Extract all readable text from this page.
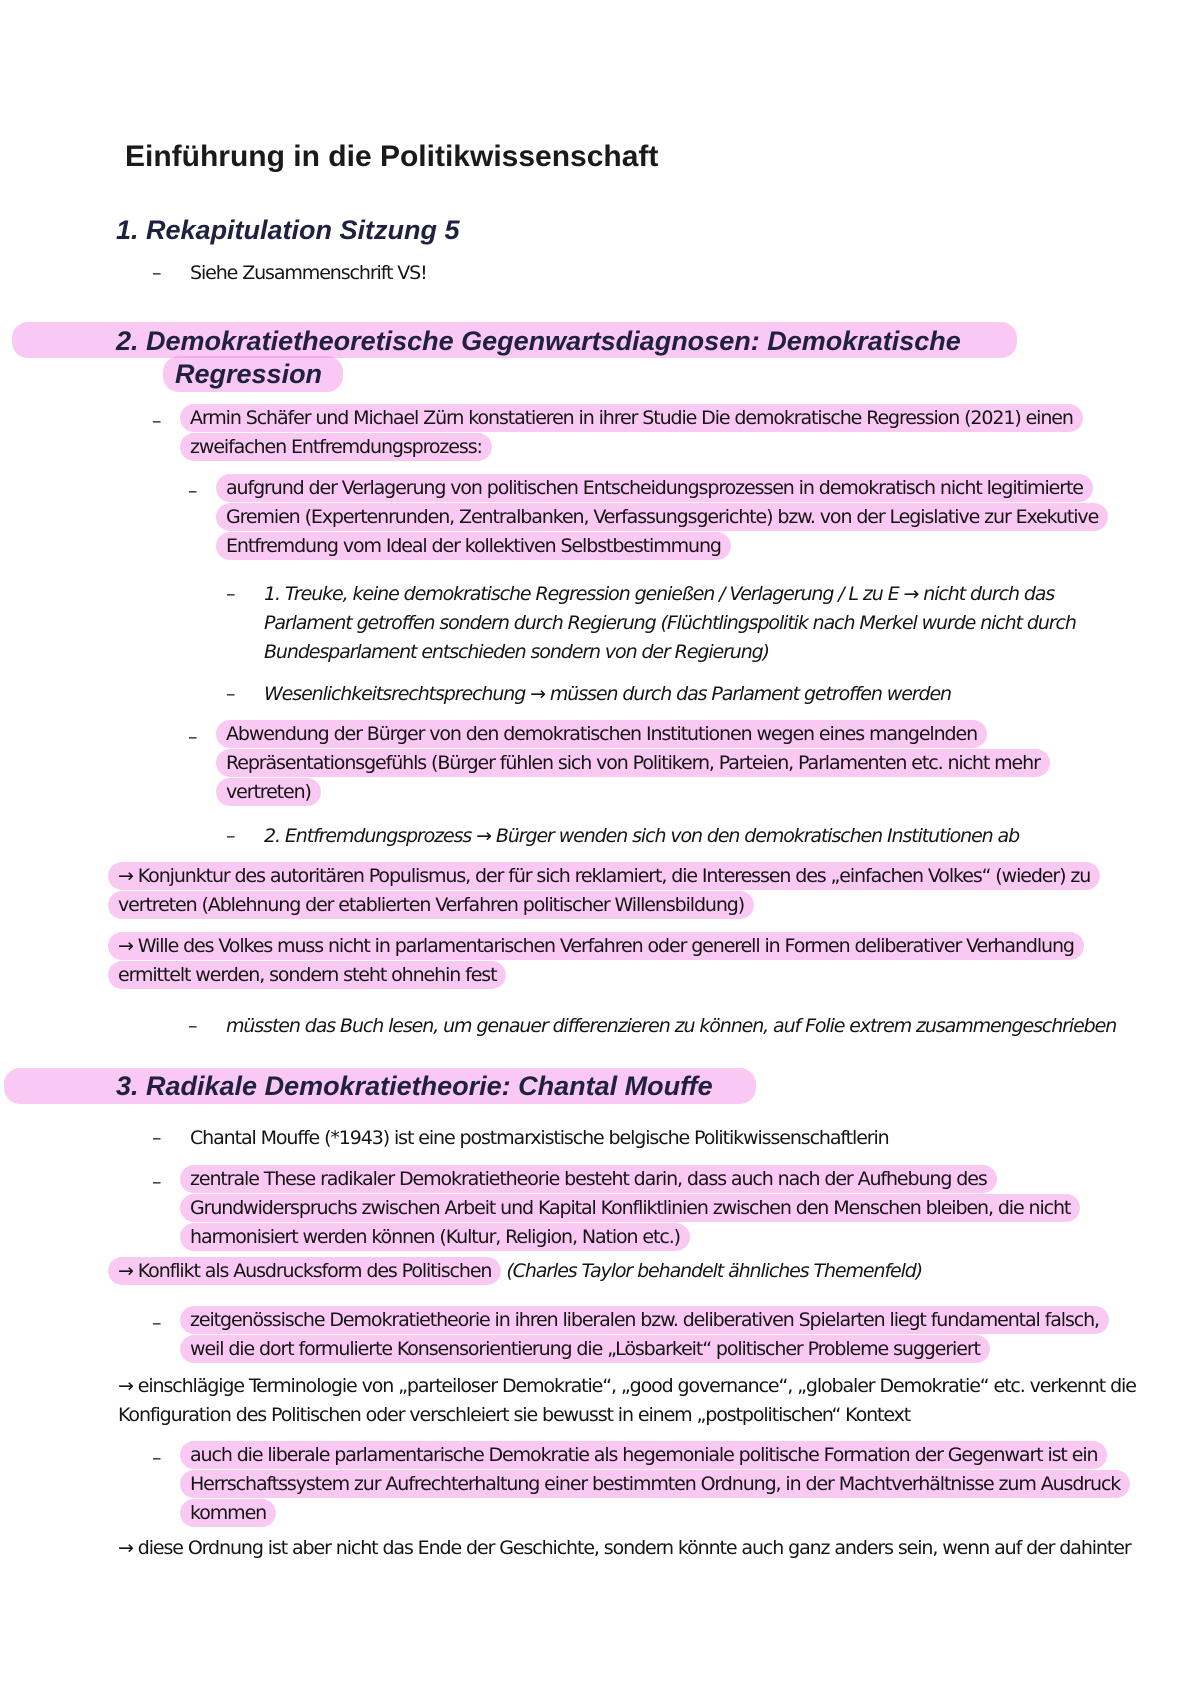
Einführung in die Politikwissenschaft
1. Rekapitulation Sitzung 5
– Siehe Zusammenschrift VS!
2. Demokratietheoretische Gegenwartsdiagnosen: Demokratische
Regression
–	Armin Schäfer und Michael Zürn konstatieren in ihrer Studie Die demokratische Regression (2021) einen
zweifachen Entfremdungsprozess:
–	aufgrund der Verlagerung von politischen Entscheidungsprozessen in demokratisch nicht legitimierte
Gremien (Expertenrunden, Zentralbanken, Verfassungsgerichte) bzw. von der Legislative zur Exekutive
Entfremdung vom Ideal der kollektiven Selbstbestimmung
– 1. Treuke, keine demokratische Regression genießen / Verlagerung / L zu E → nicht durch das
Parlament getroffen sondern durch Regierung (Flüchtlingspolitik nach Merkel wurde nicht durch
Bundesparlament entschieden sondern von der Regierung)
– Wesenlichkeitsrechtsprechung → müssen durch das Parlament getroffen werden
–	Abwendung der Bürger von den demokratischen Institutionen wegen eines mangelnden
Repräsentationsgefühls (Bürger fühlen sich von Politikern, Parteien, Parlamenten etc. nicht mehr
vertreten)
– 2. Entfremdungsprozess → Bürger wenden sich von den demokratischen Institutionen ab
→ Konjunktur des autoritären Populismus, der für sich reklamiert, die Interessen des „einfachen Volkes“ (wieder) zu
vertreten (Ablehnung der etablierten Verfahren politischer Willensbildung)
→ Wille des Volkes muss nicht in parlamentarischen Verfahren oder generell in Formen deliberativer Verhandlung
ermittelt werden, sondern steht ohnehin fest
– müssten das Buch lesen, um genauer differenzieren zu können, auf Folie extrem zusammengeschrieben
3. Radikale Demokratietheorie: Chantal Mouffe
– Chantal Mouffe (*1943) ist eine postmarxistische belgische Politikwissenschaftlerin
–	zentrale These radikaler Demokratietheorie besteht darin, dass auch nach der Aufhebung des
Grundwiderspruchs zwischen Arbeit und Kapital Konfliktlinien zwischen den Menschen bleiben, die nicht
harmonisiert werden können (Kultur, Religion, Nation etc.)
→ Konflikt als Ausdrucksform des Politischen (Charles Taylor behandelt ähnliches Themenfeld)
–	zeitgenössische Demokratietheorie in ihren liberalen bzw. deliberativen Spielarten liegt fundamental falsch,
weil die dort formulierte Konsensorientierung die „Lösbarkeit“ politischer Probleme suggeriert
→ einschlägige Terminologie von „parteiloser Demokratie“, „good governance“, „globaler Demokratie“ etc. verkennt die
Konfiguration des Politischen oder verschleiert sie bewusst in einem „postpolitischen“ Kontext
–	auch die liberale parlamentarische Demokratie als hegemoniale politische Formation der Gegenwart ist ein
Herrschaftssystem zur Aufrechterhaltung einer bestimmten Ordnung, in der Machtverhältnisse zum Ausdruck
kommen
→ diese Ordnung ist aber nicht das Ende der Geschichte, sondern könnte auch ganz anders sein, wenn auf der dahinter
